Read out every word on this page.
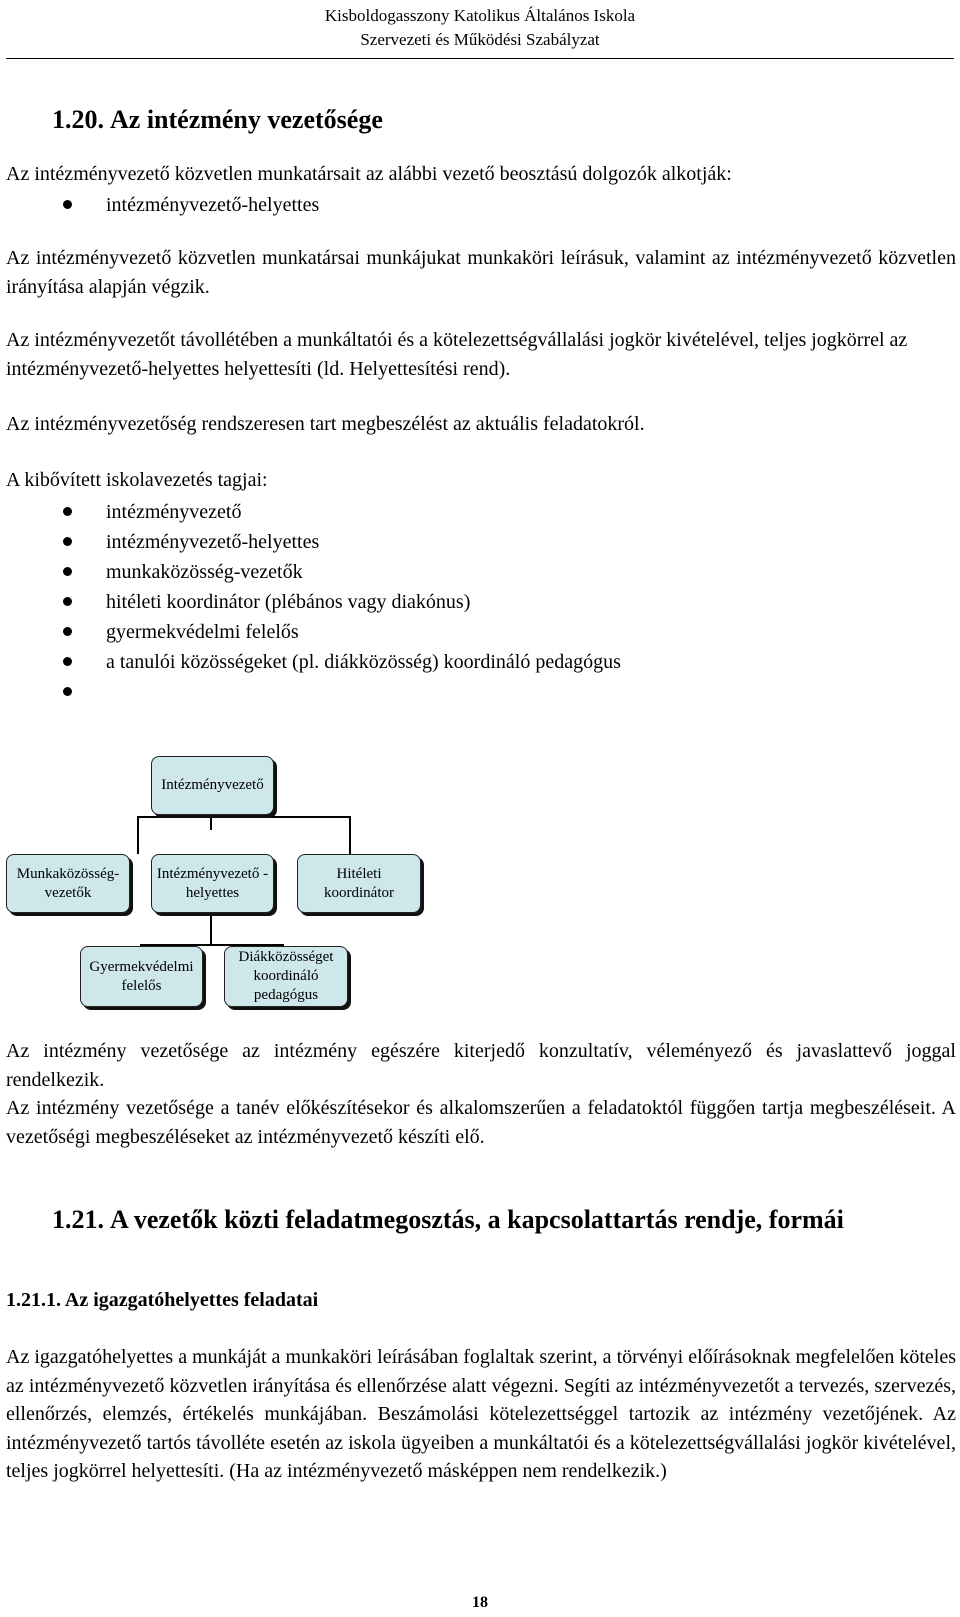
Kisboldogasszony Katolikus Általános Iskola
Szervezeti és Működési Szabályzat
1.20. Az intézmény vezetősége
Az intézményvezető közvetlen munkatársait az alábbi vezető beosztású dolgozók alkotják:
intézményvezető-helyettes
Az intézményvezető közvetlen munkatársai munkájukat munkaköri leírásuk, valamint az intézményvezető közvetlen irányítása alapján végzik.
Az intézményvezetőt távollétében a munkáltatói és a kötelezettségvállalási jogkör kivételével, teljes jogkörrel az intézményvezető-helyettes helyettesíti (ld. Helyettesítési rend).
Az intézményvezetőség rendszeresen tart megbeszélést az aktuális feladatokról.
A kibővített iskolavezetés tagjai:
intézményvezető
intézményvezető-helyettes
munkaközösség-vezetők
hitéleti koordinátor (plébános vagy diakónus)
gyermekvédelmi felelős
a tanulói közösségeket (pl. diákközösség) koordináló pedagógus
Intézményvezető
Munkaközösség-vezetők
Intézményvezető -helyettes
Hitéleti koordinátor
Gyermekvédelmi felelős
Diákközösséget koordináló pedagógus
Az intézmény vezetősége az intézmény egészére kiterjedő konzultatív, véleményező és javaslattevő joggal rendelkezik.
Az intézmény vezetősége a tanév előkészítésekor és alkalomszerűen a feladatoktól függően tartja megbeszéléseit. A vezetőségi megbeszéléseket az intézményvezető készíti elő.
1.21. A vezetők közti feladatmegosztás, a kapcsolattartás rendje, formái
1.21.1. Az igazgatóhelyettes feladatai
Az igazgatóhelyettes a munkáját a munkaköri leírásában foglaltak szerint, a törvényi előírásoknak megfelelően köteles az intézményvezető közvetlen irányítása és ellenőrzése alatt végezni. Segíti az intézményvezetőt a tervezés, szervezés, ellenőrzés, elemzés, értékelés munkájában. Beszámolási kötelezettséggel tartozik az intézmény vezetőjének. Az intézményvezető tartós távolléte esetén az iskola ügyeiben a munkáltatói és a kötelezettségvállalási jogkör kivételével, teljes jogkörrel helyettesíti. (Ha az intézményvezető másképpen nem rendelkezik.)
18
